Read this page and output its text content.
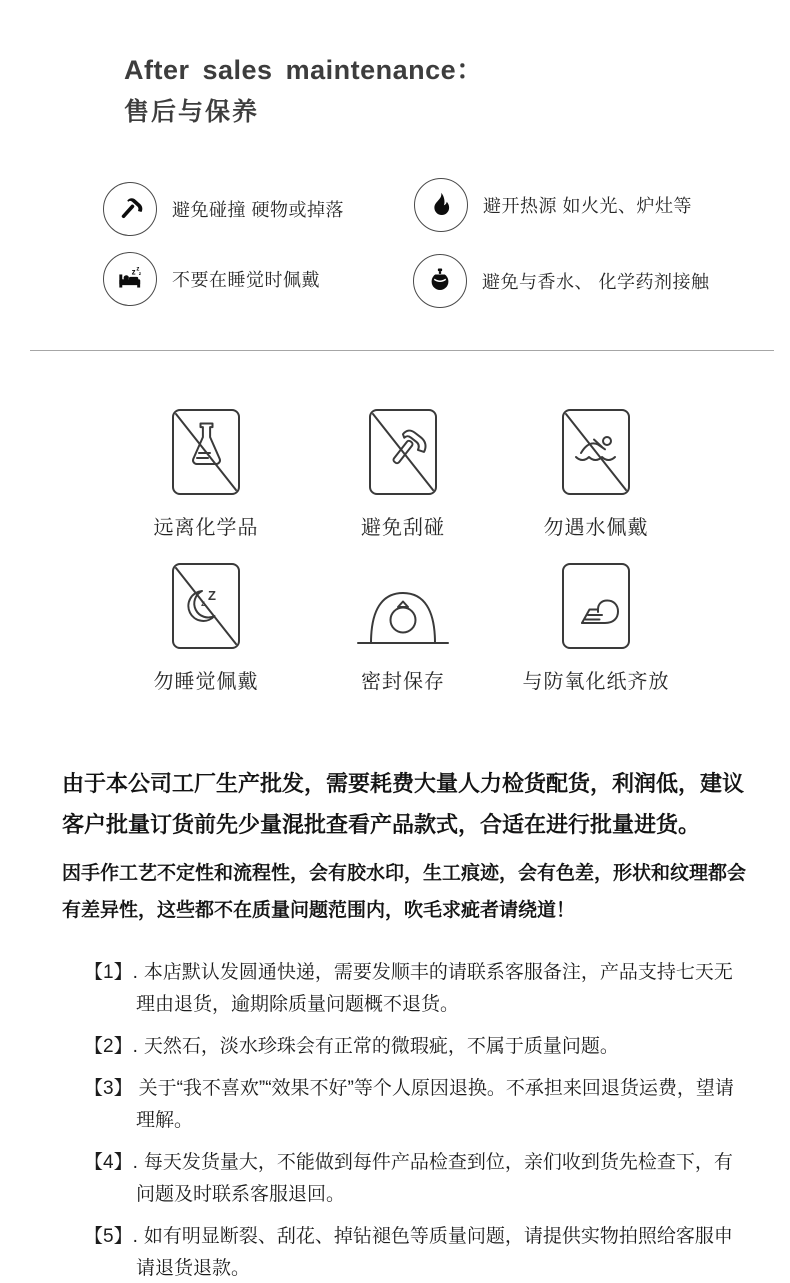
After sales maintenance：
售后与保养
避免碰撞 硬物或掉落	避开热源 如火光、炉灶等
z z
z 不要在睡觉时佩戴	避免与香水、 化学药剂接触
远离化学品	避免刮碰	勿遇水佩戴
Z
z
勿睡觉佩戴	密封保存	与防氧化纸齐放

由于本公司工厂生产批发，需要耗费大量人力检货配货，利润低，建议客户批量订货前先少量混批查看产品款式，合适在进行批量进货。

因手作工艺不定性和流程性，会有胶水印，生工痕迹，会有色差，形状和纹理都会有差异性，这些都不在质量问题范围内，吹毛求疵者请绕道！

【1】. 本店默认发圆通快递，需要发顺丰的请联系客服备注，产品支持七天无理由退货，逾期除质量问题概不退货。

【2】. 天然石，淡水珍珠会有正常的微瑕疵，不属于质量问题。

【3】 关于“我不喜欢”“效果不好”等个人原因退换。不承担来回退货运费，望请理解。

【4】. 每天发货量大，不能做到每件产品检查到位，亲们收到货先检查下，有问题及时联系客服退回。

【5】. 如有明显断裂、刮花、掉钻褪色等质量问题，请提供实物拍照给客服申请退货退款。
